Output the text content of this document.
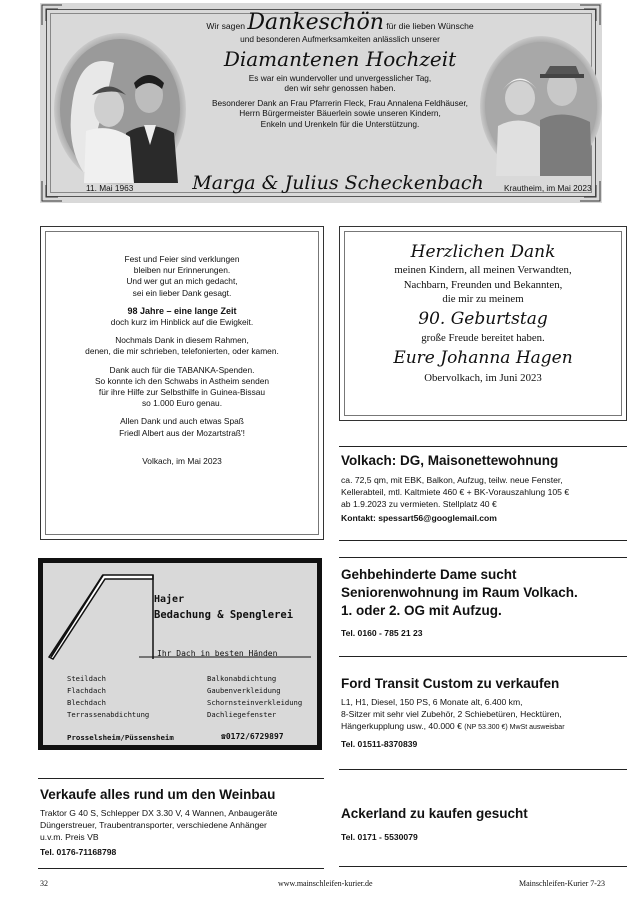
Wir sagen Dankeschön für die lieben Wünsche
und besonderen Aufmerksamkeiten anlässlich unserer
Diamantenen Hochzeit
Es war ein wundervoller und unvergesslicher Tag,
den wir sehr genossen haben.
Besonderer Dank an Frau Pfarrerin Fleck, Frau Annalena Feldhäuser,
Herrn Bürgermeister Bäuerlein sowie unseren Kindern,
Enkeln und Urenkeln für die Unterstützung.
11. Mai 1963	Marga & Julius Scheckenbach	Krautheim, im Mai 2023

Fest und Feier sind verklungen

bleiben nur Erinnerungen.

Und wer gut an mich gedacht,

sei ein lieber Dank gesagt.

98 Jahre – eine lange Zeit

doch kurz im Hinblick auf die Ewigkeit.

Nochmals Dank in diesem Rahmen,

denen, die mir schrieben, telefonierten, oder kamen.

Dank auch für die TABANKA-Spenden.

So konnte ich den Schwabs in Astheim senden

für ihre Hilfe zur Selbsthilfe in Guinea-Bissau

so 1.000 Euro genau.

Allen Dank und auch etwas Spaß

Friedl Albert aus der Mozartstraß'!

Volkach, im Mai 2023

Herzlichen Dank
meinen Kindern, all meinen Verwandten,
Nachbarn, Freunden und Bekannten,
die mir zu meinem
90. Geburtstag
große Freude bereitet haben.
Eure Johanna Hagen
Obervolkach, im Juni 2023
Volkach: DG, Maisonettewohnung
ca. 72,5 qm, mit EBK, Balkon, Aufzug, teilw. neue Fenster,
Kellerabteil, mtl. Kaltmiete 460 € + BK-Vorauszahlung 105 €
ab 1.9.2023 zu vermieten. Stellplatz 40 €
Kontakt: spessart56@googlemail.com
Gehbehinderte Dame sucht
Seniorenwohnung im Raum Volkach.
1. oder 2. OG mit Aufzug.
Tel. 0160 - 785 21 23
Ford Transit Custom zu verkaufen
L1, H1, Diesel, 150 PS, 6 Monate alt, 6.400 km,
8-Sitzer mit sehr viel Zubehör, 2 Schiebetüren, Hecktüren,
Hängerkupplung usw., 40.000 € (NP 53.300 €) MwSt ausweisbar
Tel. 01511-8370839
Ackerland zu kaufen gesucht
Tel. 0171 - 5530079
Hajer
Bedachung & Spenglerei
Ihr Dach in besten Händen
Steildach
Flachdach
Blechdach
Terrassenabdichtung
Balkonabdichtung
Gaubenverkleidung
Schornsteinverkleidung
Dachliegefenster
Prosselsheim/Püssensheim	☎0172/6729897
Verkaufe alles rund um den Weinbau
Traktor G 40 S, Schlepper DX 3.30 V, 4 Wannen, Anbaugeräte
Düngerstreuer, Traubentransporter, verschiedene Anhänger
u.v.m. Preis VB
Tel. 0176-71168798
32	www.mainschleifen-kurier.de	Mainschleifen-Kurier 7-23
